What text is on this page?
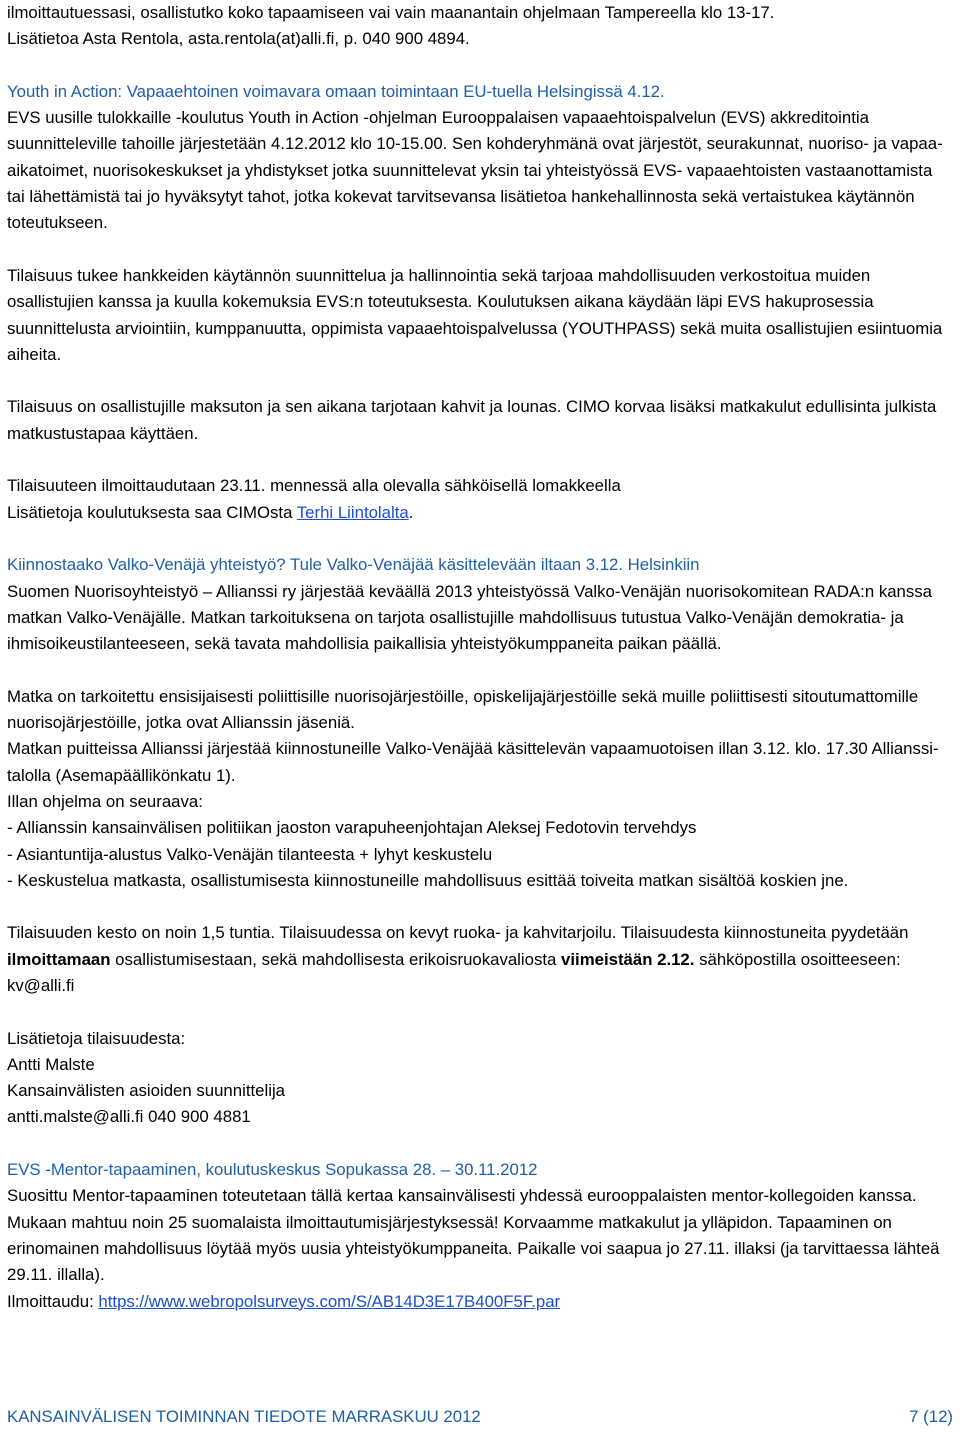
ilmoittautuessasi, osallistutko koko tapaamiseen vai vain maanantain ohjelmaan Tampereella klo 13-17.

Lisätietoa Asta Rentola, asta.rentola(at)alli.fi, p. 040 900 4894.

Youth in Action: Vapaaehtoinen voimavara omaan toimintaan EU-tuella Helsingissä 4.12.

EVS uusille tulokkaille -koulutus Youth in Action -ohjelman Eurooppalaisen vapaaehtoispalvelun (EVS) akkreditointia suunnitteleville tahoille järjestetään 4.12.2012 klo 10-15.00. Sen kohderyhmänä ovat järjestöt, seurakunnat, nuoriso- ja vapaa-aikatoimet, nuorisokeskukset ja yhdistykset jotka suunnittelevat yksin tai yhteistyössä EVS- vapaaehtoisten vastaanottamista tai lähettämistä tai jo hyväksytyt tahot, jotka kokevat tarvitsevansa lisätietoa hankehallinnosta sekä vertaistukea käytännön toteutukseen.

Tilaisuus tukee hankkeiden käytännön suunnittelua ja hallinnointia sekä tarjoaa mahdollisuuden verkostoitua muiden osallistujien kanssa ja kuulla kokemuksia EVS:n toteutuksesta. Koulutuksen aikana käydään läpi EVS hakuprosessia suunnittelusta arviointiin, kumppanuutta, oppimista vapaaehtoispalvelussa (YOUTHPASS) sekä muita osallistujien esiintuomia aiheita.

Tilaisuus on osallistujille maksuton ja sen aikana tarjotaan kahvit ja lounas. CIMO korvaa lisäksi matkakulut edullisinta julkista matkustustapaa käyttäen.

Tilaisuuteen ilmoittaudutaan 23.11. mennessä alla olevalla sähköisellä lomakkeella

Lisätietoja koulutuksesta saa CIMOsta Terhi Liintolalta.

Kiinnostaako Valko-Venäjä yhteistyö? Tule Valko-Venäjää käsittelevään iltaan 3.12. Helsinkiin

Suomen Nuorisoyhteistyö – Allianssi ry järjestää keväällä 2013 yhteistyössä Valko-Venäjän nuorisokomitean RADA:n kanssa matkan Valko-Venäjälle. Matkan tarkoituksena on tarjota osallistujille mahdollisuus tutustua Valko-Venäjän demokratia- ja ihmisoikeustilanteeseen, sekä tavata mahdollisia paikallisia yhteistyökumppaneita paikan päällä.

Matka on tarkoitettu ensisijaisesti poliittisille nuorisojärjestöille, opiskelijajärjestöille sekä muille poliittisesti sitoutumattomille nuorisojärjestöille, jotka ovat Allianssin jäseniä.

Matkan puitteissa Allianssi järjestää kiinnostuneille Valko-Venäjää käsittelevän vapaamuotoisen illan 3.12. klo. 17.30 Allianssi-talolla (Asemapäällikönkatu 1).

Illan ohjelma on seuraava:

- Allianssin kansainvälisen politiikan jaoston varapuheenjohtajan Aleksej Fedotovin tervehdys

- Asiantuntija-alustus Valko-Venäjän tilanteesta + lyhyt keskustelu

- Keskustelua matkasta, osallistumisesta kiinnostuneille mahdollisuus esittää toiveita matkan sisältöä koskien jne.

Tilaisuuden kesto on noin 1,5 tuntia. Tilaisuudessa on kevyt ruoka- ja kahvitarjoilu. Tilaisuudesta kiinnostuneita pyydetään ilmoittamaan osallistumisestaan, sekä mahdollisesta erikoisruokavaliosta viimeistään 2.12. sähköpostilla osoitteeseen: kv@alli.fi

Lisätietoja tilaisuudesta:

Antti Malste

Kansainvälisten asioiden suunnittelija

antti.malste@alli.fi 040 900 4881

EVS -Mentor-tapaaminen, koulutuskeskus Sopukassa 28. – 30.11.2012

Suosittu Mentor-tapaaminen toteutetaan tällä kertaa kansainvälisesti yhdessä eurooppalaisten mentor-kollegoiden kanssa. Mukaan mahtuu noin 25 suomalaista ilmoittautumisjärjestyksessä! Korvaamme matkakulut ja ylläpidon. Tapaaminen on erinomainen mahdollisuus löytää myös uusia yhteistyökumppaneita. Paikalle voi saapua jo 27.11. illaksi (ja tarvittaessa lähteä 29.11. illalla).

Ilmoittaudu: https://www.webropolsurveys.com/S/AB14D3E17B400F5F.par

KANSAINVÄLISEN TOIMINNAN TIEDOTE MARRASKUU 2012	7 (12)
